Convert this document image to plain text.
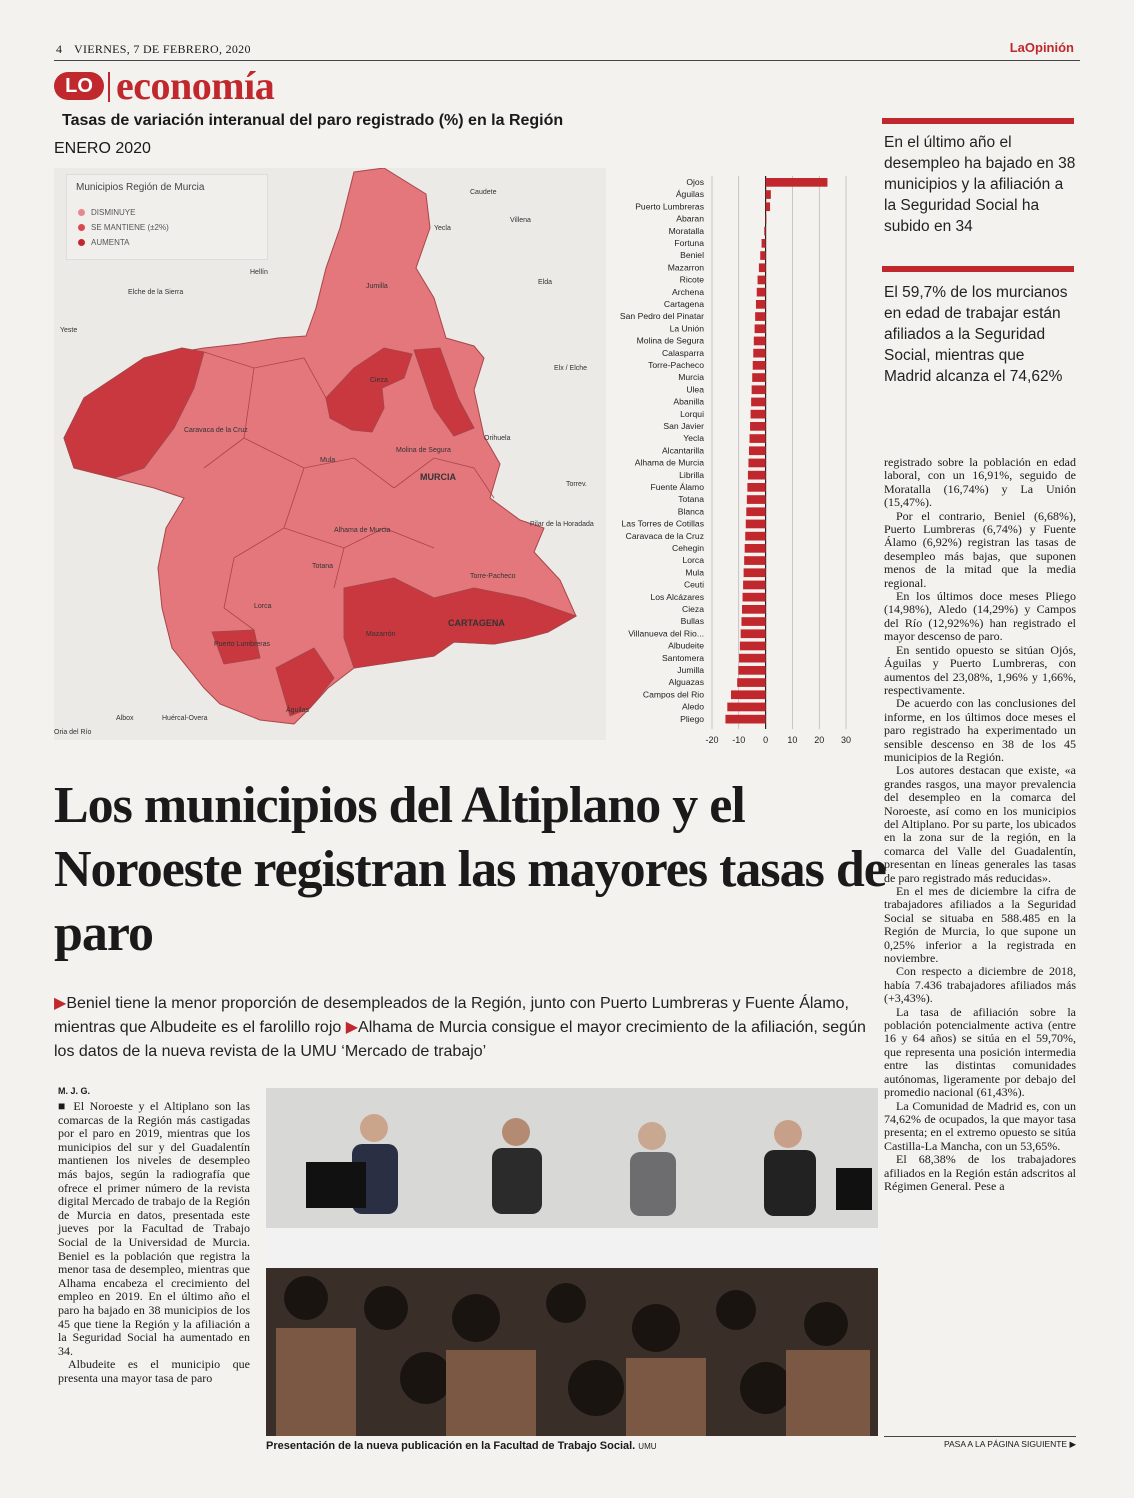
4 VIERNES, 7 DE FEBRERO, 2020	LaOpinión
LO economía
Tasas de variación interanual del paro registrado (%) en la Región
ENERO 2020
Caudete
Villena
Yecla
Hellín
Jumilla
Elda
Elche de la Sierra
Yeste
Elx / Elche
Cieza
Caravaca de la Cruz
Orihuela
Mula
Molina de Segura
MURCIA
Torrev.
Pilar de la Horadada
Alhama de Murcia
Totana
Torre-Pacheco
Lorca
Mazarrón
CARTAGENA
Puerto Lumbreras
Águilas
Albox	Huércal-Overa
Oria del Río
Municipios Región de Murcia
DISMINUYE
SE MANTIENE (±2%)
AUMENTA
-20 -10 0 10 20 30
Ojos
Águilas
Puerto Lumbreras
Abaran
Moratalla
Fortuna
Beniel
Mazarron
Ricote
Archena
Cartagena
San Pedro del Pinatar
La Unión
Molina de Segura
Calasparra
Torre-Pacheco
Murcia
Ulea
Abanilla
Lorqui
San Javier
Yecla
Alcantarilla
Alhama de Murcia
Librilla
Fuente Álamo
Totana
Blanca
Las Torres de Cotillas
Caravaca de la Cruz
Cehegin
Lorca
Mula
Ceuti
Los Alcázares
Cieza
Bullas
Villanueva del Rio...
Albudeite
Santomera
Jumilla
Alguazas
Campos del Rio
Aledo
Pliego
En el último año el desempleo ha bajado en 38 municipios y la afiliación a la Seguridad Social ha subido en 34
El 59,7% de los murcianos en edad de trabajar están afiliados a la Seguridad Social, mientras que Madrid alcanza el 74,62%
Los municipios del Altiplano y el Noroeste registran las mayores tasas de paro
▶Beniel tiene la menor proporción de desempleados de la Región, junto con Puerto Lumbreras y Fuente Álamo, mientras que Albudeite es el farolillo rojo ▶Alhama de Murcia consigue el mayor crecimiento de la afiliación, según los datos de la nueva revista de la UMU ‘Mercado de trabajo’
M. J. G.

■ El Noroeste y el Altiplano son las comarcas de la Región más castigadas por el paro en 2019, mientras que los municipios del sur y del Guadalentín mantienen los niveles de desempleo más bajos, según la radiografía que ofrece el primer número de la revista digital Mercado de trabajo de la Región de Murcia en datos, presentada este jueves por la Facultad de Trabajo Social de la Universidad de Murcia. Beniel es la población que registra la menor tasa de desempleo, mientras que Alhama encabeza el crecimiento del empleo en 2019. En el último año el paro ha bajado en 38 municipios de los 45 que tiene la Región y la afiliación a la Seguridad Social ha aumentado en 34.

Albudeite es el municipio que presenta una mayor tasa de paro

Presentación de la nueva publicación en la Facultad de Trabajo Social. UMU

registrado sobre la población en edad laboral, con un 16,91%, seguido de Moratalla (16,74%) y La Unión (15,47%).

Por el contrario, Beniel (6,68%), Puerto Lumbreras (6,74%) y Fuente Álamo (6,92%) registran las tasas de desempleo más bajas, que suponen menos de la mitad que la media regional.

En los últimos doce meses Pliego (14,98%), Aledo (14,29%) y Campos del Río (12,92%%) han registrado el mayor descenso de paro.

En sentido opuesto se sitúan Ojós, Águilas y Puerto Lumbreras, con aumentos del 23,08%, 1,96% y 1,66%, respectivamente.

De acuerdo con las conclusiones del informe, en los últimos doce meses el paro registrado ha experimentado un sensible descenso en 38 de los 45 municipios de la Región.

Los autores destacan que existe, «a grandes rasgos, una mayor prevalencia del desempleo en la comarca del Noroeste, así como en los municipios del Altiplano. Por su parte, los ubicados en la zona sur de la región, en la comarca del Valle del Guadalentín, presentan en líneas generales las tasas de paro registrado más reducidas».

En el mes de diciembre la cifra de trabajadores afiliados a la Seguridad Social se situaba en 588.485 en la Región de Murcia, lo que supone un 0,25% inferior a la registrada en noviembre.

Con respecto a diciembre de 2018, había 7.436 trabajadores afiliados más (+3,43%).

La tasa de afiliación sobre la población potencialmente activa (entre 16 y 64 años) se sitúa en el 59,70%, que representa una posición intermedia entre las distintas comunidades autónomas, ligeramente por debajo del promedio nacional (61,43%).

La Comunidad de Madrid es, con un 74,62% de ocupados, la que mayor tasa presenta; en el extremo opuesto se sitúa Castilla-La Mancha, con un 53,65%.

El 68,38% de los trabajadores afiliados en la Región están adscritos al Régimen General. Pese a

PASA A LA PÁGINA SIGUIENTE ▶
